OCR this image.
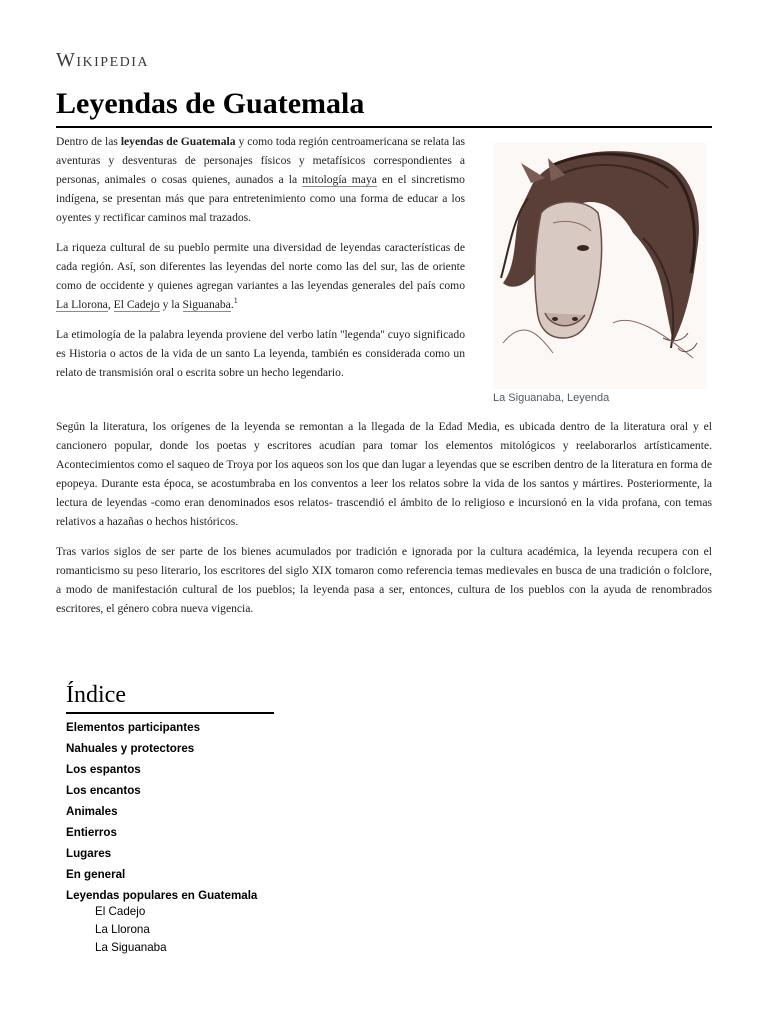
Wikipedia
Leyendas de Guatemala

Dentro de las leyendas de Guatemala y como toda región centroamericana se relata las aventuras y desventuras de personajes físicos y metafísicos correspondientes a personas, animales o cosas quienes, aunados a la mitología maya en el sincretismo indígena, se presentan más que para entretenimiento como una forma de educar a los oyentes y rectificar caminos mal trazados.

La riqueza cultural de su pueblo permite una diversidad de leyendas características de cada región. Así, son diferentes las leyendas del norte como las del sur, las de oriente como de occidente y quienes agregan variantes a las leyendas generales del país como La Llorona, El Cadejo y la Siguanaba.$^1$

La etimología de la palabra leyenda proviene del verbo latín ''legenda'' cuyo significado es Historia o actos de la vida de un santo La leyenda, también es considerada como un relato de transmisión oral o escrita sobre un hecho legendario.

La Siguanaba, Leyenda

Según la literatura, los orígenes de la leyenda se remontan a la llegada de la Edad Media, es ubicada dentro de la literatura oral y el cancionero popular, donde los poetas y escritores acudían para tomar los elementos mitológicos y reelaborarlos artísticamente. Acontecimientos como el saqueo de Troya por los aqueos son los que dan lugar a leyendas que se escriben dentro de la literatura en forma de epopeya. Durante esta época, se acostumbraba en los conventos a leer los relatos sobre la vida de los santos y mártires. Posteriormente, la lectura de leyendas -como eran denominados esos relatos- trascendió el ámbito de lo religioso e incursionó en la vida profana, con temas relativos a hazañas o hechos históricos.

Tras varios siglos de ser parte de los bienes acumulados por tradición e ignorada por la cultura académica, la leyenda recupera con el romanticismo su peso literario, los escritores del siglo XIX tomaron como referencia temas medievales en busca de una tradición o folclore, a modo de manifestación cultural de los pueblos; la leyenda pasa a ser, entonces, cultura de los pueblos con la ayuda de renombrados escritores, el género cobra nueva vigencia.

Índice
Elementos participantes
Nahuales y protectores
Los espantos
Los encantos
Animales
Entierros
Lugares
En general
Leyendas populares en Guatemala
El Cadejo
La Llorona
La Siguanaba
